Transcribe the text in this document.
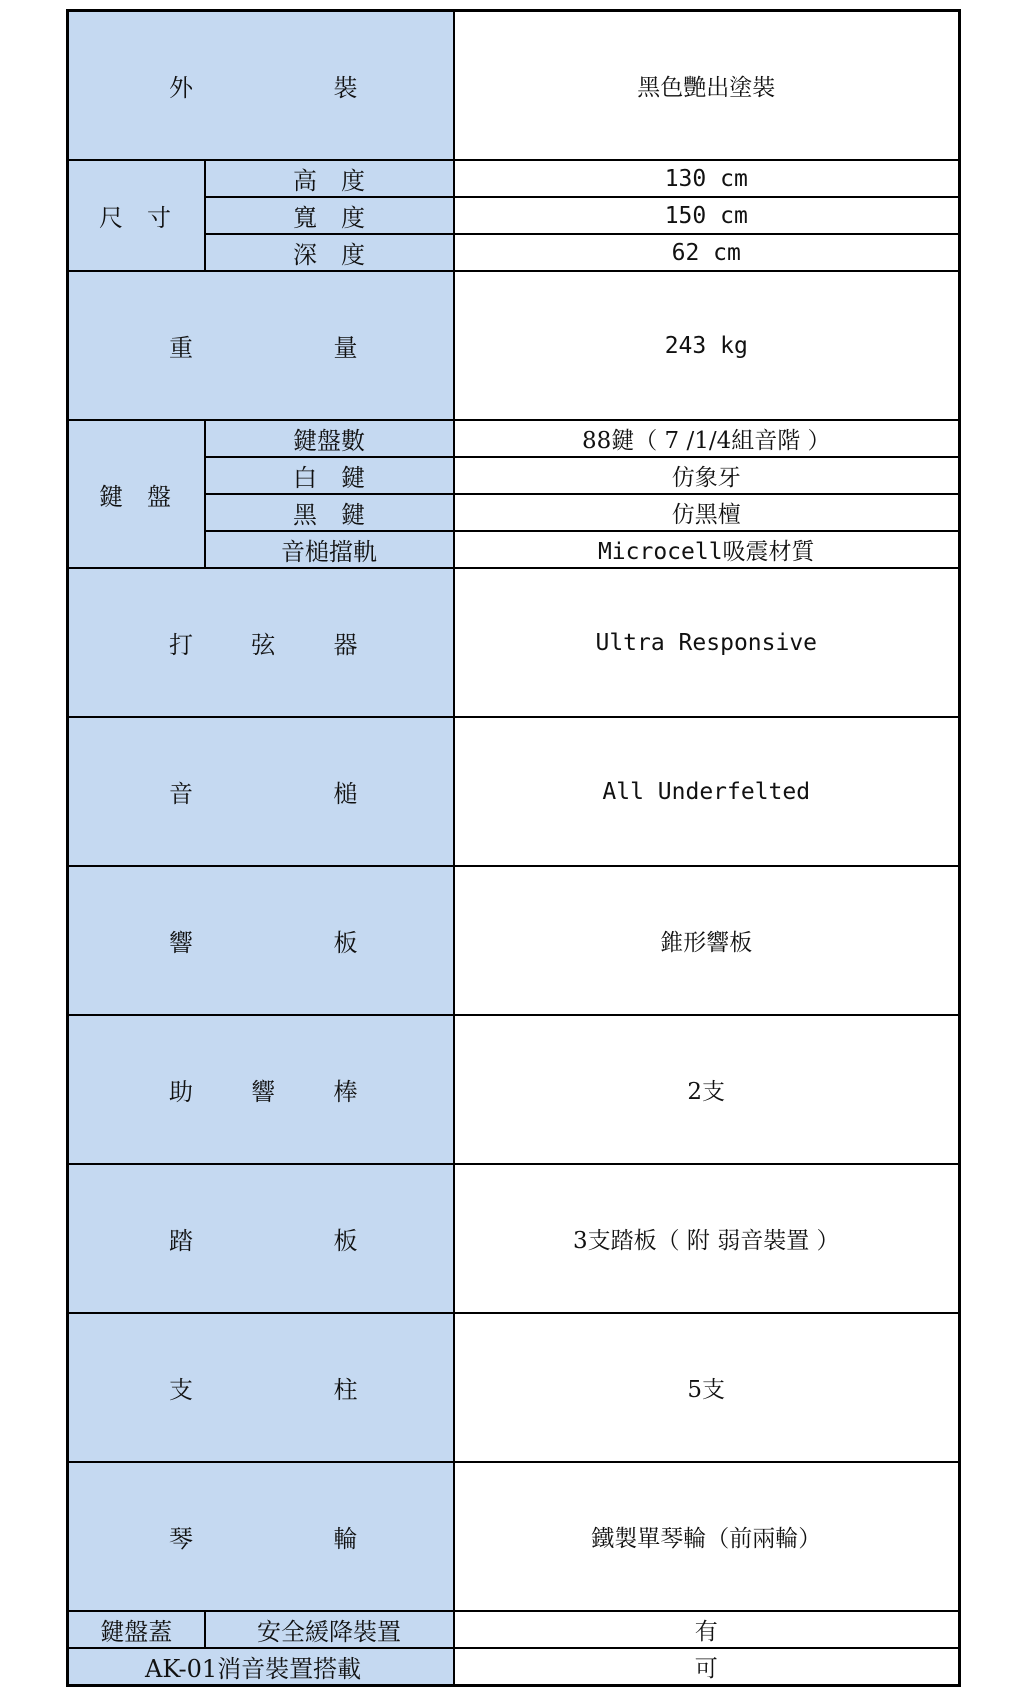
外 裝		黑色艷出塗裝
尺　寸	高　度	130 cm
	寬　度	150 cm
	深　度	62 cm

重 量		243 kg
鍵　盤	鍵盤數	88鍵（ 7 /1/4組音階 ）
	白　鍵	仿象牙
	黑　鍵	仿黑檀
	音槌擋軌	Microcell吸震材質

打 弦 器		Ultra Responsive

音 槌		All Underfelted

響 板		錐形響板

助 響 棒		2支

踏 板		3支踏板（ 附 弱音裝置 ）

支 柱		5支

琴 輪		鐵製單琴輪（前兩輪）
鍵盤蓋	安全緩降裝置	有
AK-01消音裝置搭載		可
